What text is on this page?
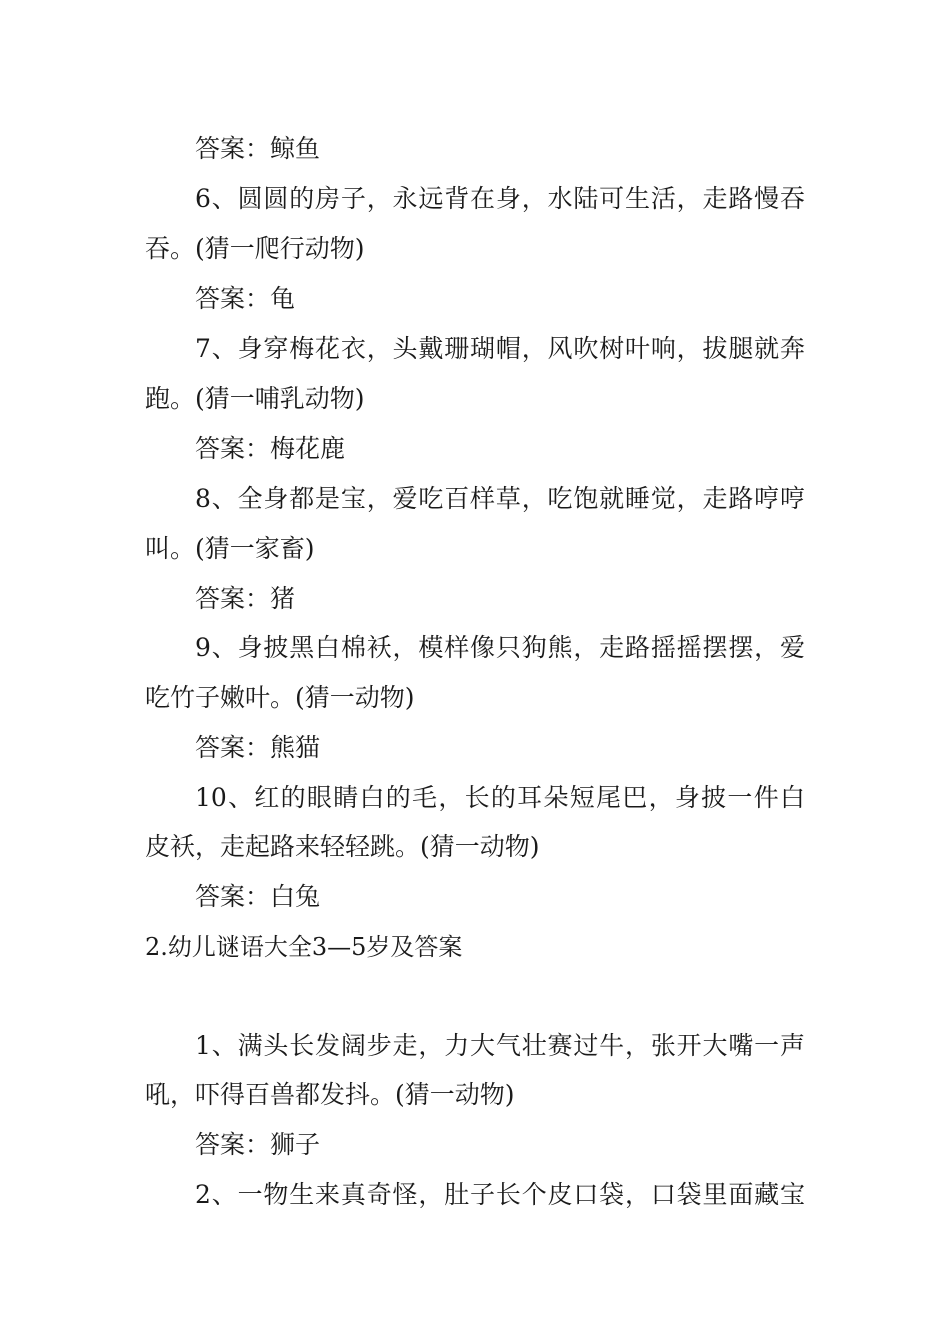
答案：鲸鱼
6、圆圆的房子，永远背在身，水陆可生活，走路慢吞
吞。(猜一爬行动物)
答案：龟
7、身穿梅花衣，头戴珊瑚帽，风吹树叶响，拔腿就奔
跑。(猜一哺乳动物)
答案：梅花鹿
8、全身都是宝，爱吃百样草，吃饱就睡觉，走路哼哼
叫。(猜一家畜)
答案：猪
9、身披黑白棉袄，模样像只狗熊，走路摇摇摆摆，爱
吃竹子嫩叶。(猜一动物)
答案：熊猫
10、红的眼睛白的毛，长的耳朵短尾巴，身披一件白
皮袄，走起路来轻轻跳。(猜一动物)
答案：白兔
2.幼儿谜语大全3—5岁及答案
1、满头长发阔步走，力大气壮赛过牛，张开大嘴一声
吼，吓得百兽都发抖。(猜一动物)
答案：狮子
2、一物生来真奇怪，肚子长个皮口袋，口袋里面藏宝
